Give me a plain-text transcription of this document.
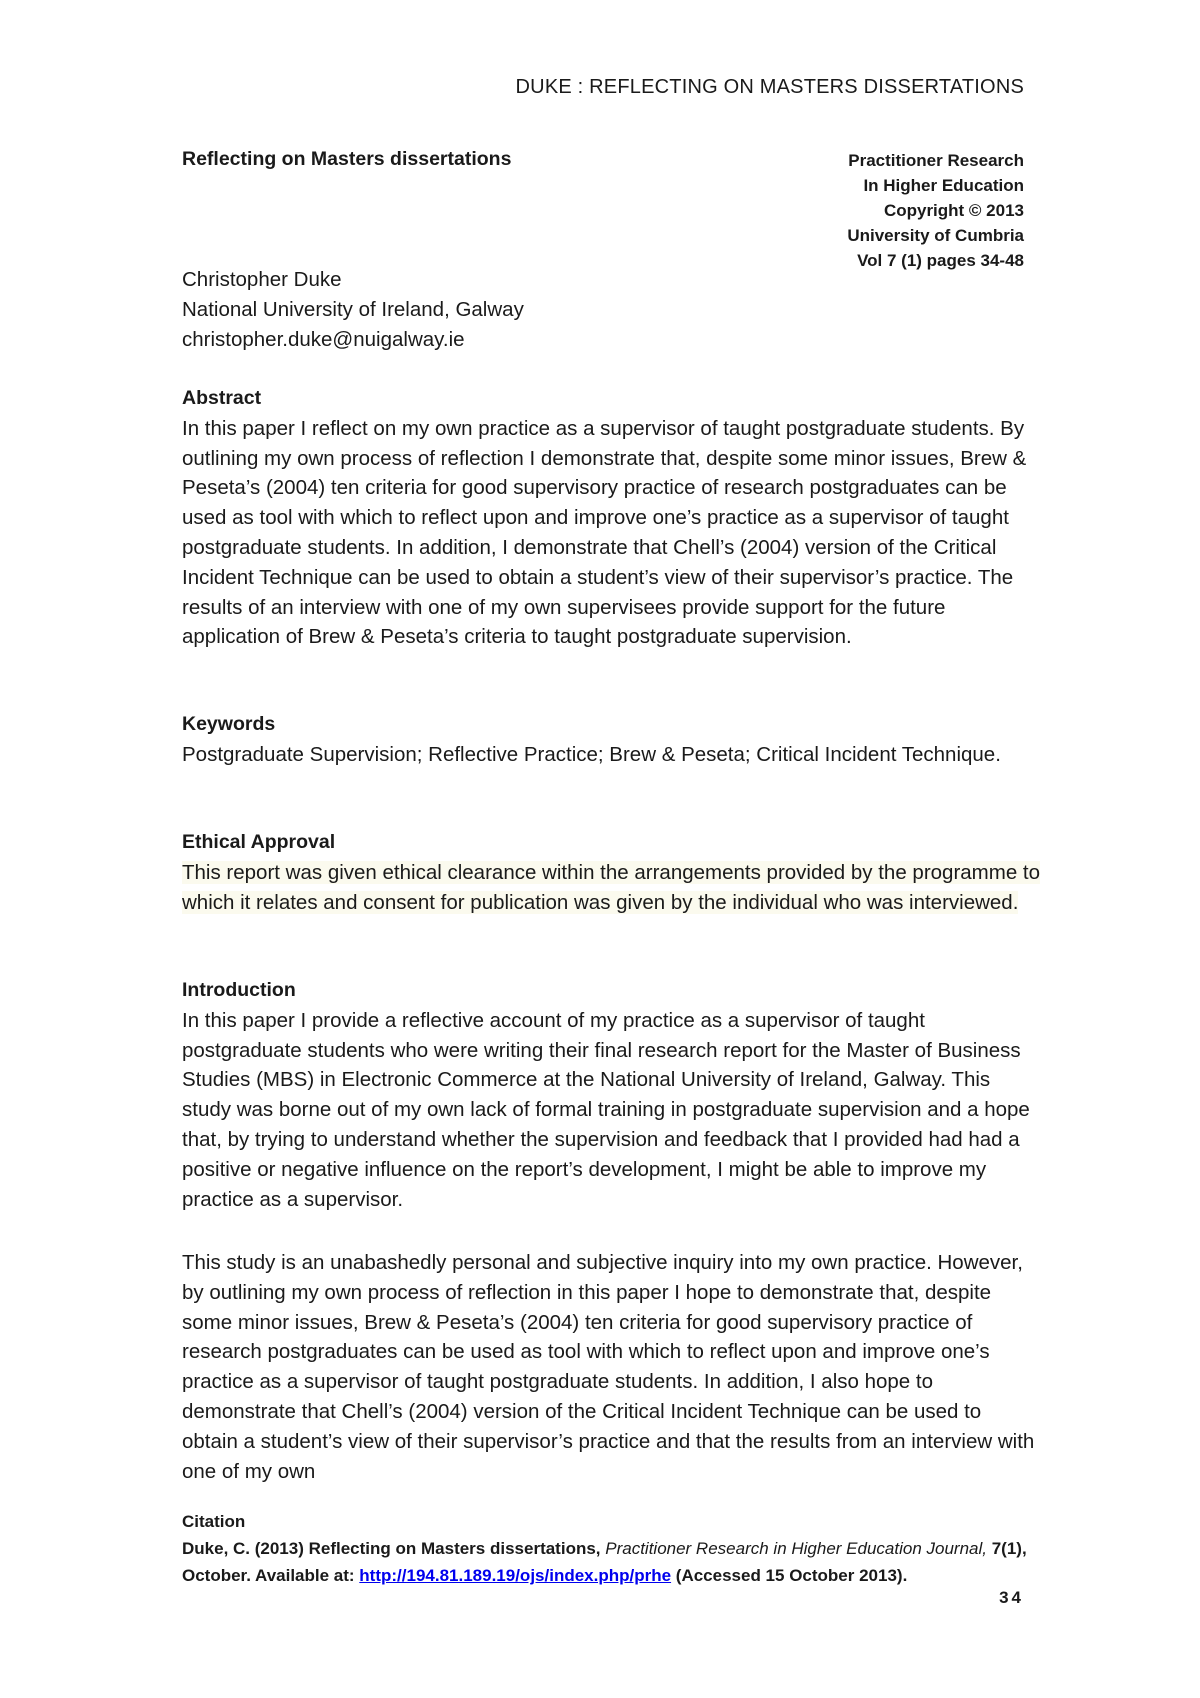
DUKE : REFLECTING ON MASTERS DISSERTATIONS
Reflecting on Masters dissertations	Practitioner Research
In Higher Education
Copyright © 2013
University of Cumbria
Vol 7 (1) pages 34-48
Christopher Duke
National University of Ireland, Galway
christopher.duke@nuigalway.ie
Abstract

In this paper I reflect on my own practice as a supervisor of taught postgraduate students. By outlining my own process of reflection I demonstrate that, despite some minor issues, Brew & Peseta’s (2004) ten criteria for good supervisory practice of research postgraduates can be used as tool with which to reflect upon and improve one’s practice as a supervisor of taught postgraduate students. In addition, I demonstrate that Chell’s (2004) version of the Critical Incident Technique can be used to obtain a student’s view of their supervisor’s practice. The results of an interview with one of my own supervisees provide support for the future application of Brew & Peseta’s criteria to taught postgraduate supervision.

Keywords

Postgraduate Supervision; Reflective Practice; Brew & Peseta; Critical Incident Technique.

Ethical Approval

This report was given ethical clearance within the arrangements provided by the programme to which it relates and consent for publication was given by the individual who was interviewed.

Introduction

In this paper I provide a reflective account of my practice as a supervisor of taught postgraduate students who were writing their final research report for the Master of Business Studies (MBS) in Electronic Commerce at the National University of Ireland, Galway. This study was borne out of my own lack of formal training in postgraduate supervision and a hope that, by trying to understand whether the supervision and feedback that I provided had had a positive or negative influence on the report’s development, I might be able to improve my practice as a supervisor.

This study is an unabashedly personal and subjective inquiry into my own practice. However, by outlining my own process of reflection in this paper I hope to demonstrate that, despite some minor issues, Brew & Peseta’s (2004) ten criteria for good supervisory practice of research postgraduates can be used as tool with which to reflect upon and improve one’s practice as a supervisor of taught postgraduate students. In addition, I also hope to demonstrate that Chell’s (2004) version of the Critical Incident Technique can be used to obtain a student’s view of their supervisor’s practice and that the results from an interview with one of my own

Citation
Duke, C. (2013) Reflecting on Masters dissertations, Practitioner Research in Higher Education Journal, 7(1), October. Available at: http://194.81.189.19/ojs/index.php/prhe (Accessed 15 October 2013).
34
